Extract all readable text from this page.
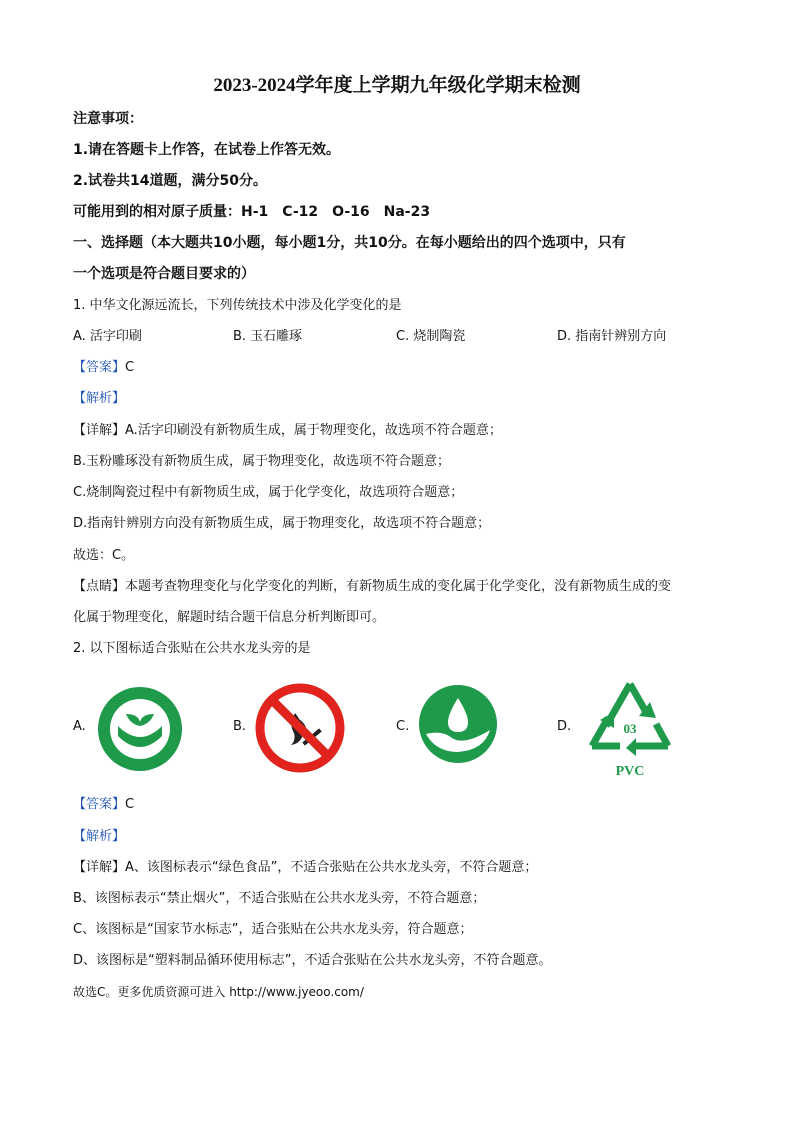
2023-2024学年度上学期九年级化学期末检测
注意事项：
1.请在答题卡上作答，在试卷上作答无效。
2.试卷共14道题，满分50分。
可能用到的相对原子质量：H-1　C-12　O-16　Na-23
一、选择题（本大题共10小题，每小题1分，共10分。在每小题给出的四个选项中，只有
一个选项是符合题目要求的）
1. 中华文化源远流长，下列传统技术中涉及化学变化的是
A. 活字印刷	B. 玉石雕琢	C. 烧制陶瓷	D. 指南针辨别方向
【答案】C
【解析】
【详解】A.活字印刷没有新物质生成，属于物理变化，故选项不符合题意；
B.玉粉雕琢没有新物质生成，属于物理变化，故选项不符合题意；
C.烧制陶瓷过程中有新物质生成，属于化学变化，故选项符合题意；
D.指南针辨别方向没有新物质生成，属于物理变化，故选项不符合题意；
故选：C。
【点睛】本题考查物理变化与化学变化的判断，有新物质生成的变化属于化学变化，没有新物质生成的变
化属于物理变化，解题时结合题干信息分析判断即可。
2. 以下图标适合张贴在公共水龙头旁的是
A.	B.	C.	D.	03
PVC
【答案】C
【解析】
【详解】A、该图标表示“绿色食品”，不适合张贴在公共水龙头旁，不符合题意；
B、该图标表示“禁止烟火”，不适合张贴在公共水龙头旁，不符合题意；
C、该图标是“国家节水标志”，适合张贴在公共水龙头旁，符合题意；
D、该图标是“塑料制品循环使用标志”，不适合张贴在公共水龙头旁，不符合题意。
故选C。更多优质资源可进入 http://www.jyeoo.com/
